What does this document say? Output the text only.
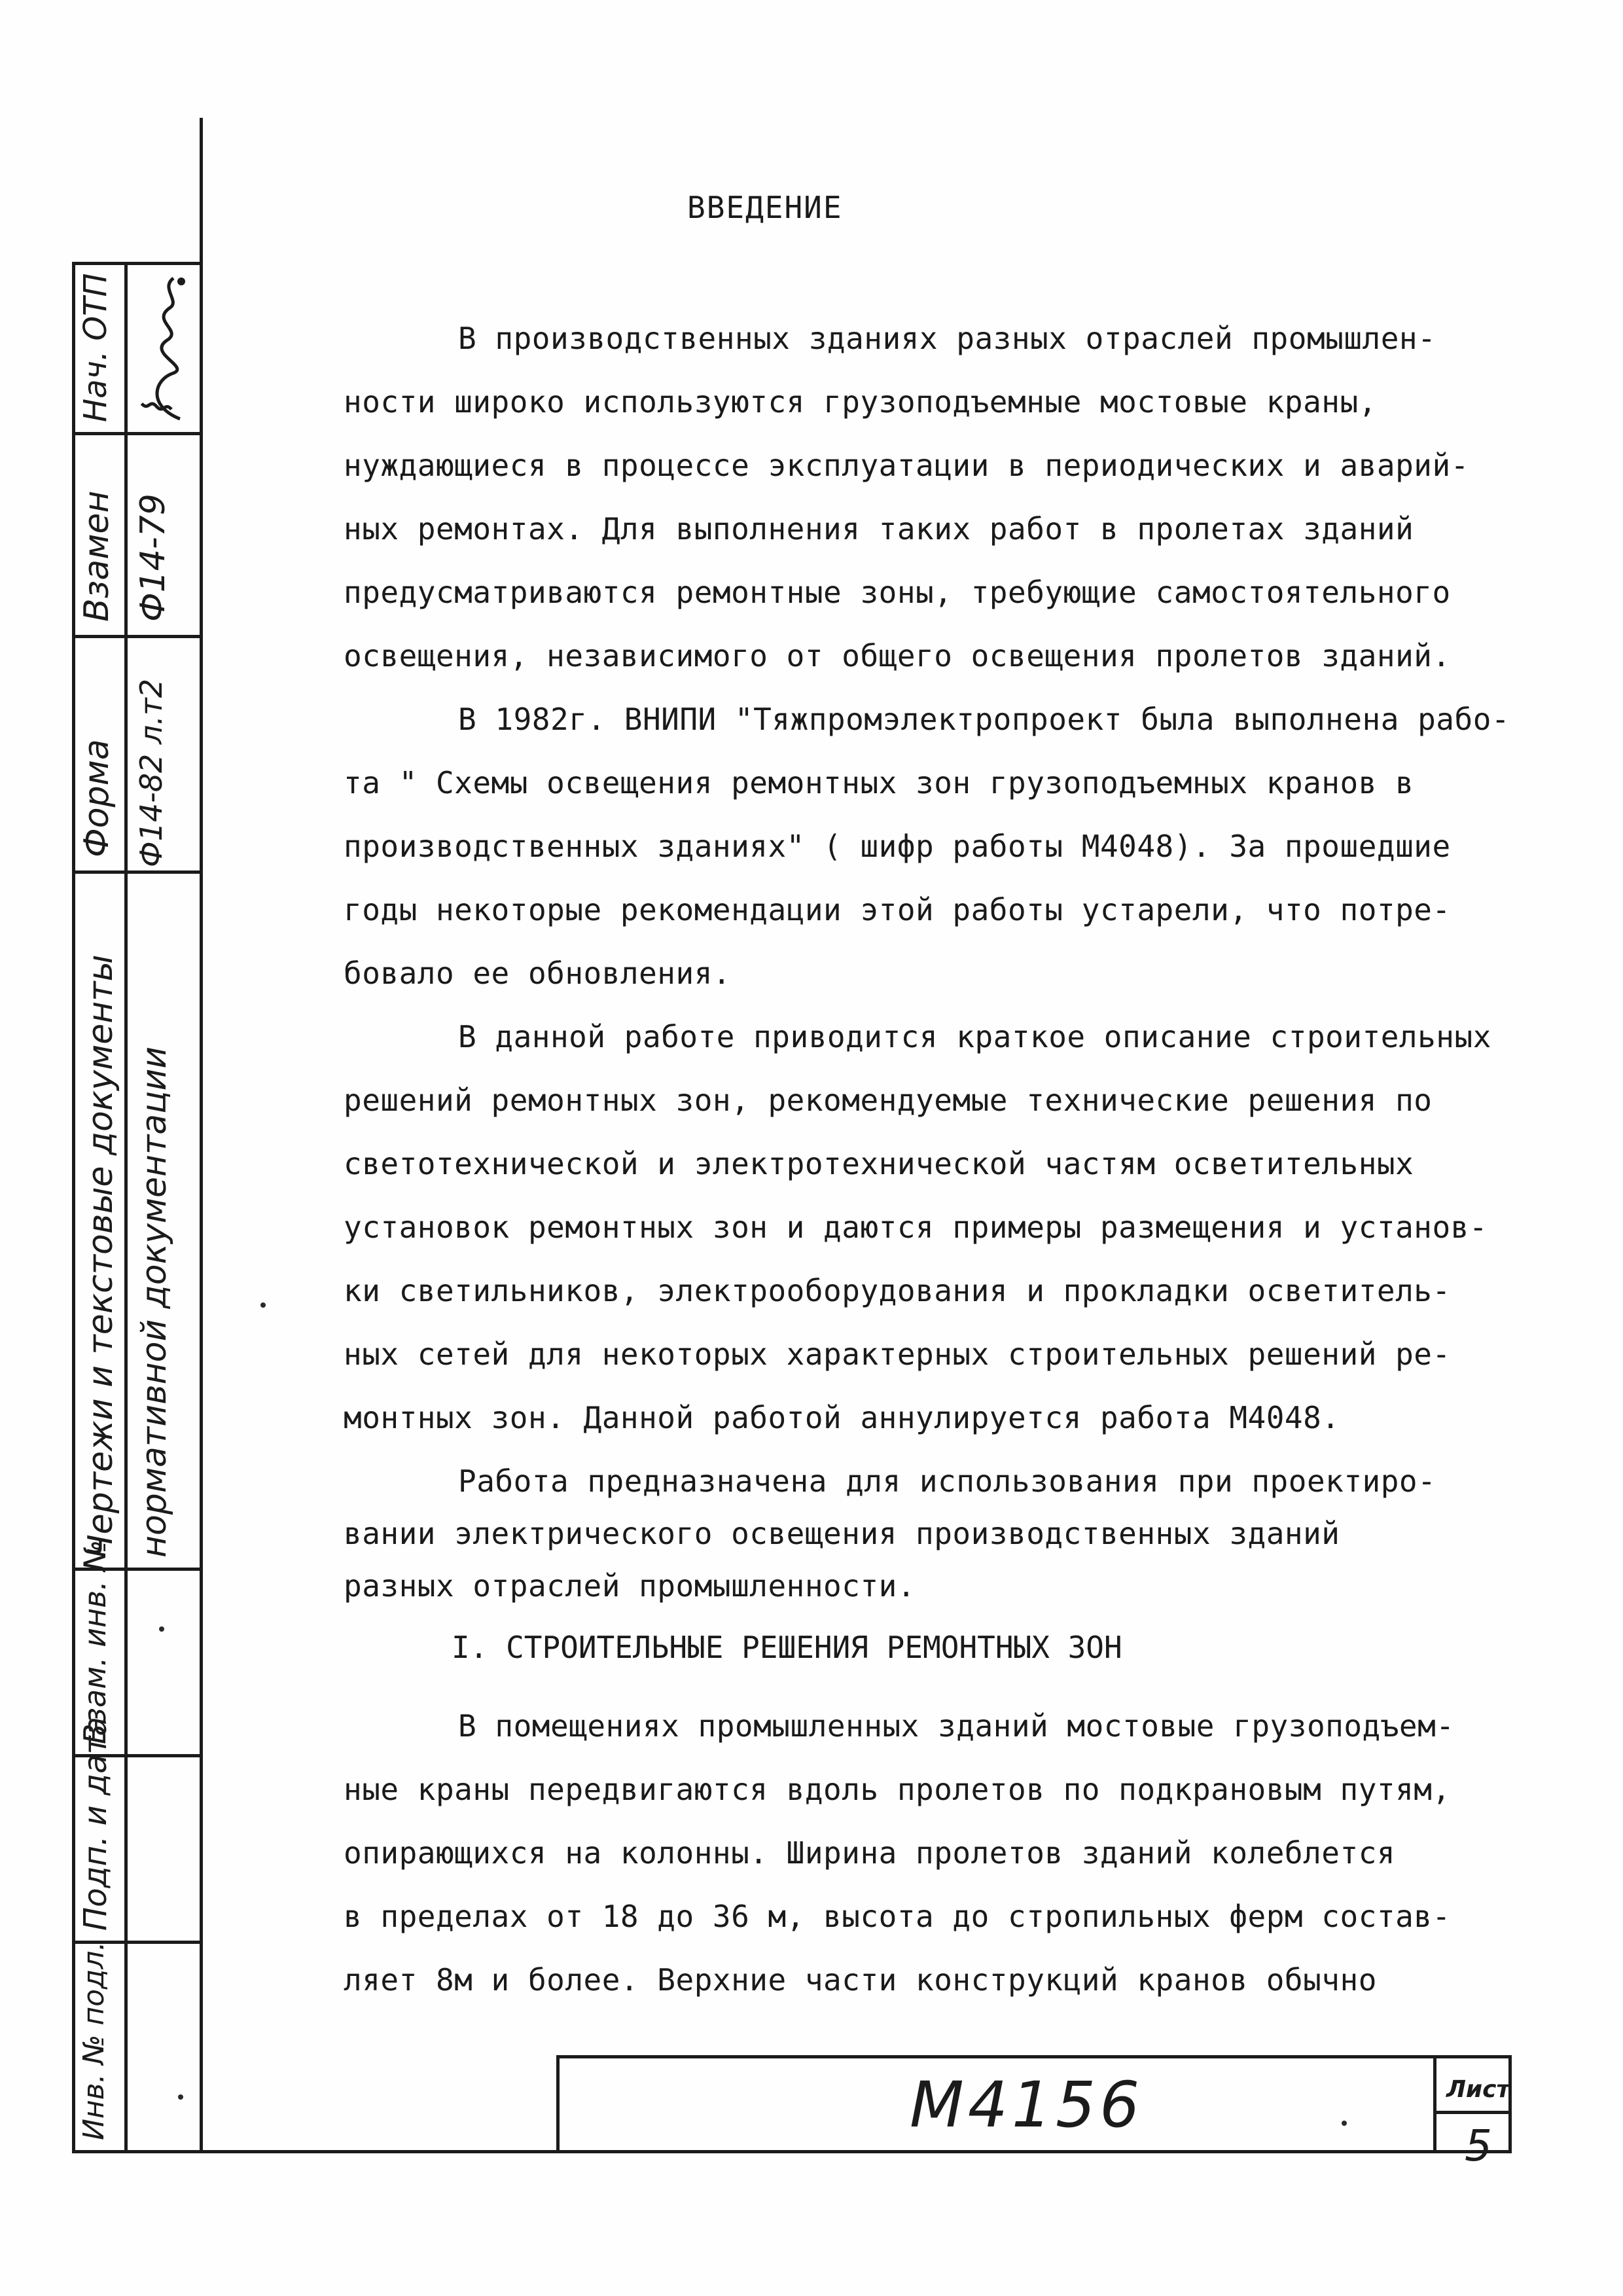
Нач. ОТП ⌇
Взамен Ф14-79
Форма Ф14-82 л.т2
Чертежи и текстовые документы нормативной документации
Взам. инв. №
Подп. и дата
Инв. № подл.
ВВЕДЕНИЕ
В производственных зданиях разных отраслей промышлен-
ности широко используются грузоподъемные мостовые краны,
нуждающиеся в процессе эксплуатации в периодических и аварий-
ных ремонтах. Для выполнения таких работ в пролетах зданий
предусматриваются ремонтные зоны, требующие самостоятельного
освещения, независимого от общего освещения пролетов зданий.
В 1982г. ВНИПИ "Тяжпромэлектропроект была выполнена рабо-
та " Схемы освещения ремонтных зон грузоподъемных кранов в
производственных зданиях" ( шифр работы М4048). За прошедшие
годы некоторые рекомендации этой работы устарели, что потре-
бовало ее обновления.
В данной работе приводится краткое описание строительных
решений ремонтных зон, рекомендуемые технические решения по
светотехнической и электротехнической частям осветительных
установок ремонтных зон и даются примеры размещения и установ-
ки светильников, электрооборудования и прокладки осветитель-
ных сетей для некоторых характерных строительных решений ре-
монтных зон. Данной работой аннулируется работа М4048.
Работа предназначена для использования при проектиро-
вании электрического освещения производственных зданий
разных отраслей промышленности.
I. СТРОИТЕЛЬНЫЕ РЕШЕНИЯ РЕМОНТНЫХ ЗОН
В помещениях промышленных зданий мостовые грузоподъем-
ные краны передвигаются вдоль пролетов по подкрановым путям,
опирающихся на колонны. Ширина пролетов зданий колеблется
в пределах от 18 до 36 м, высота до стропильных ферм состав-
ляет 8м и более. Верхние части конструкций кранов обычно
М4156	Лист
5
